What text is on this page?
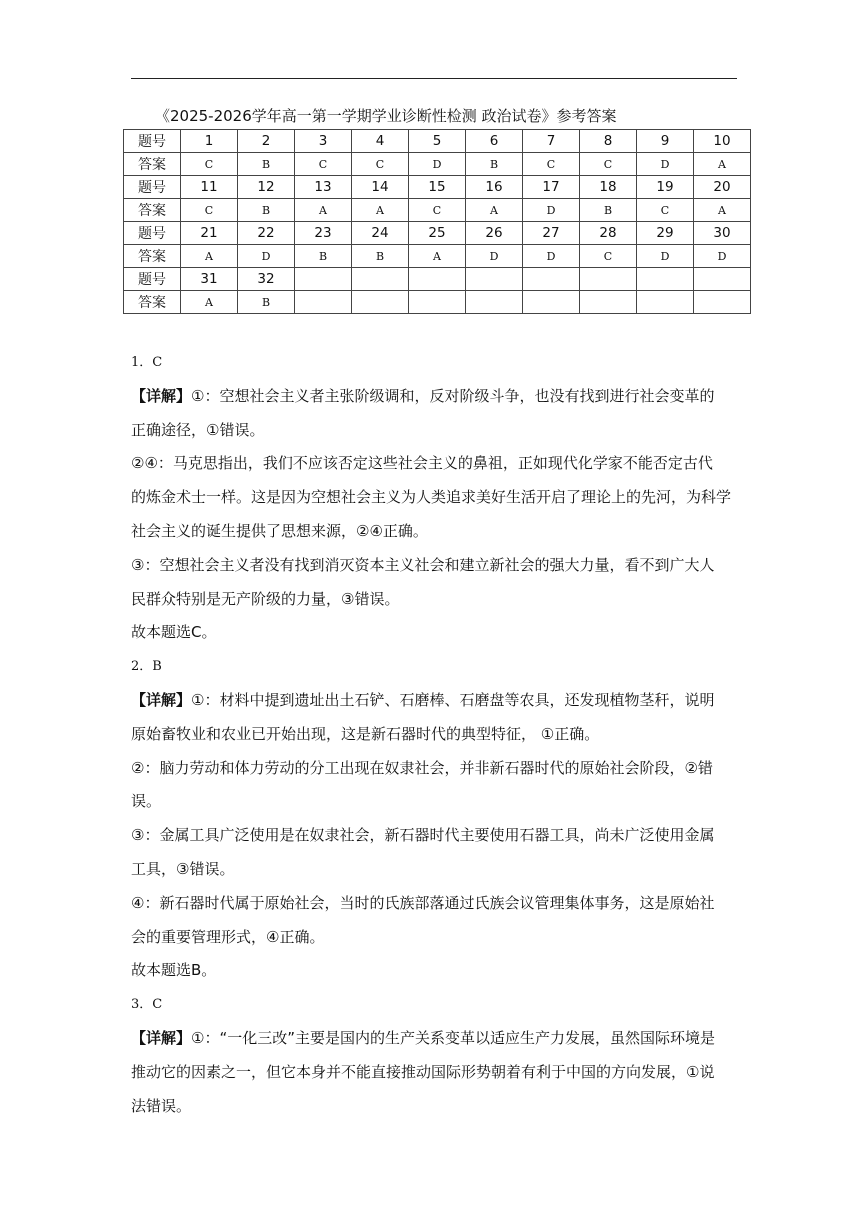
《2025-2026学年高一第一学期学业诊断性检测 政治试卷》参考答案
题号	1	2	3	4	5	6	7	8	9	10
答案	C	B	C	C	D	B	C	C	D	A
题号	11	12	13	14	15	16	17	18	19	20
答案	C	B	A	A	C	A	D	B	C	A
题号	21	22	23	24	25	26	27	28	29	30
答案	A	D	B	B	A	D	D	C	D	D
题号	31	32								
答案	A	B								

1．C

【详解】①：空想社会主义者主张阶级调和，反对阶级斗争，也没有找到进行社会变革的

正确途径，①错误。

②④：马克思指出，我们不应该否定这些社会主义的鼻祖，正如现代化学家不能否定古代

的炼金术士一样。这是因为空想社会主义为人类追求美好生活开启了理论上的先河，为科学

社会主义的诞生提供了思想来源，②④正确。

③：空想社会主义者没有找到消灭资本主义社会和建立新社会的强大力量，看不到广大人

民群众特别是无产阶级的力量，③错误。

故本题选C。

2．B

【详解】①：材料中提到遗址出土石铲、石磨棒、石磨盘等农具，还发现植物茎秆，说明

原始畜牧业和农业已开始出现，这是新石器时代的典型特征， ①正确。

②：脑力劳动和体力劳动的分工出现在奴隶社会，并非新石器时代的原始社会阶段，②错

误。

③：金属工具广泛使用是在奴隶社会，新石器时代主要使用石器工具，尚未广泛使用金属

工具，③错误。

④：新石器时代属于原始社会，当时的氏族部落通过氏族会议管理集体事务，这是原始社

会的重要管理形式，④正确。

故本题选B。

3．C

【详解】①：“一化三改”主要是国内的生产关系变革以适应生产力发展，虽然国际环境是

推动它的因素之一，但它本身并不能直接推动国际形势朝着有利于中国的方向发展，①说

法错误。
